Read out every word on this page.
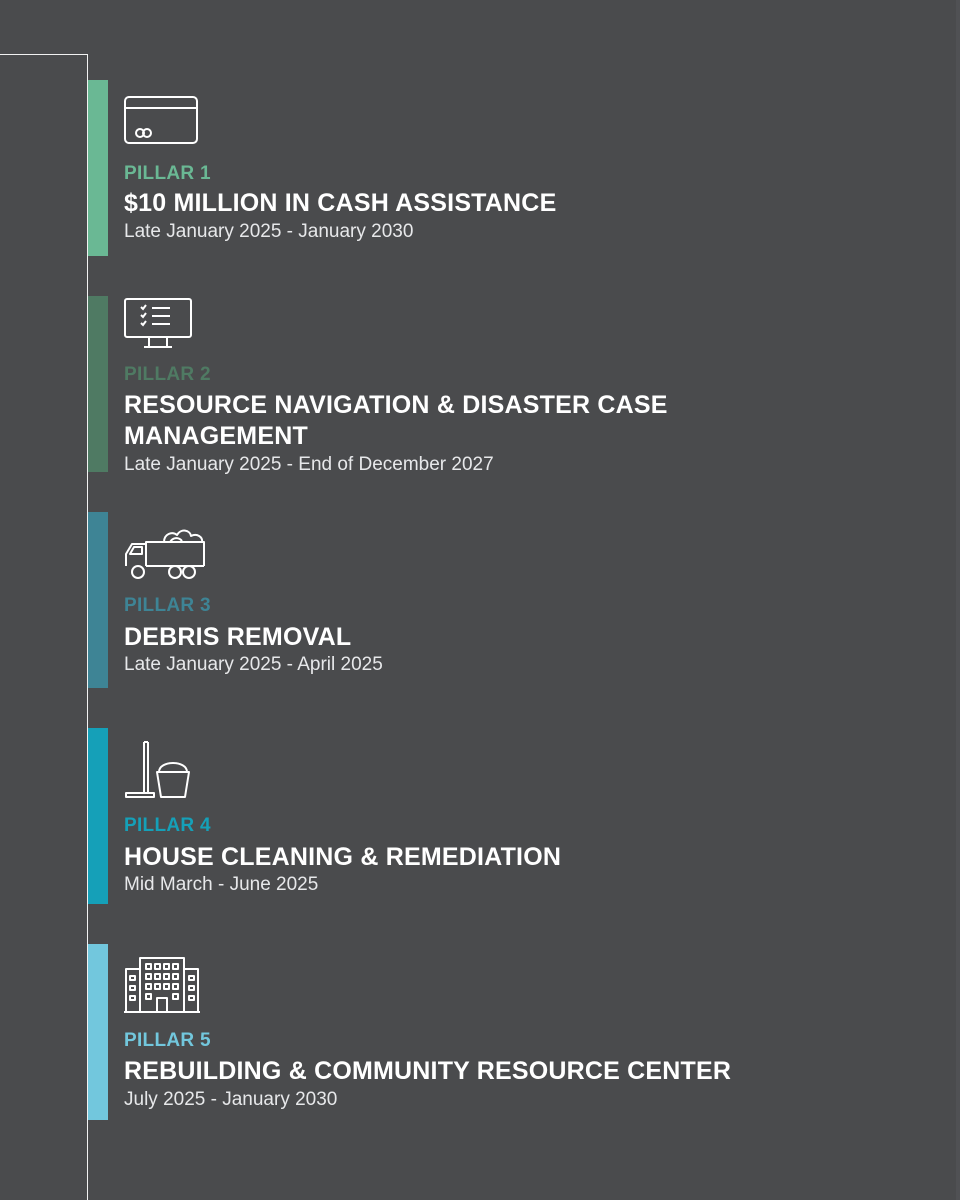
PILLAR 1
$10 MILLION IN CASH ASSISTANCE
Late January 2025 - January 2030
PILLAR 2
RESOURCE NAVIGATION & DISASTER CASE MANAGEMENT
Late January 2025 - End of December 2027
PILLAR 3
DEBRIS REMOVAL
Late January 2025 - April 2025
PILLAR 4
HOUSE CLEANING & REMEDIATION
Mid March - June 2025
PILLAR 5
REBUILDING & COMMUNITY RESOURCE CENTER
July 2025 - January 2030
